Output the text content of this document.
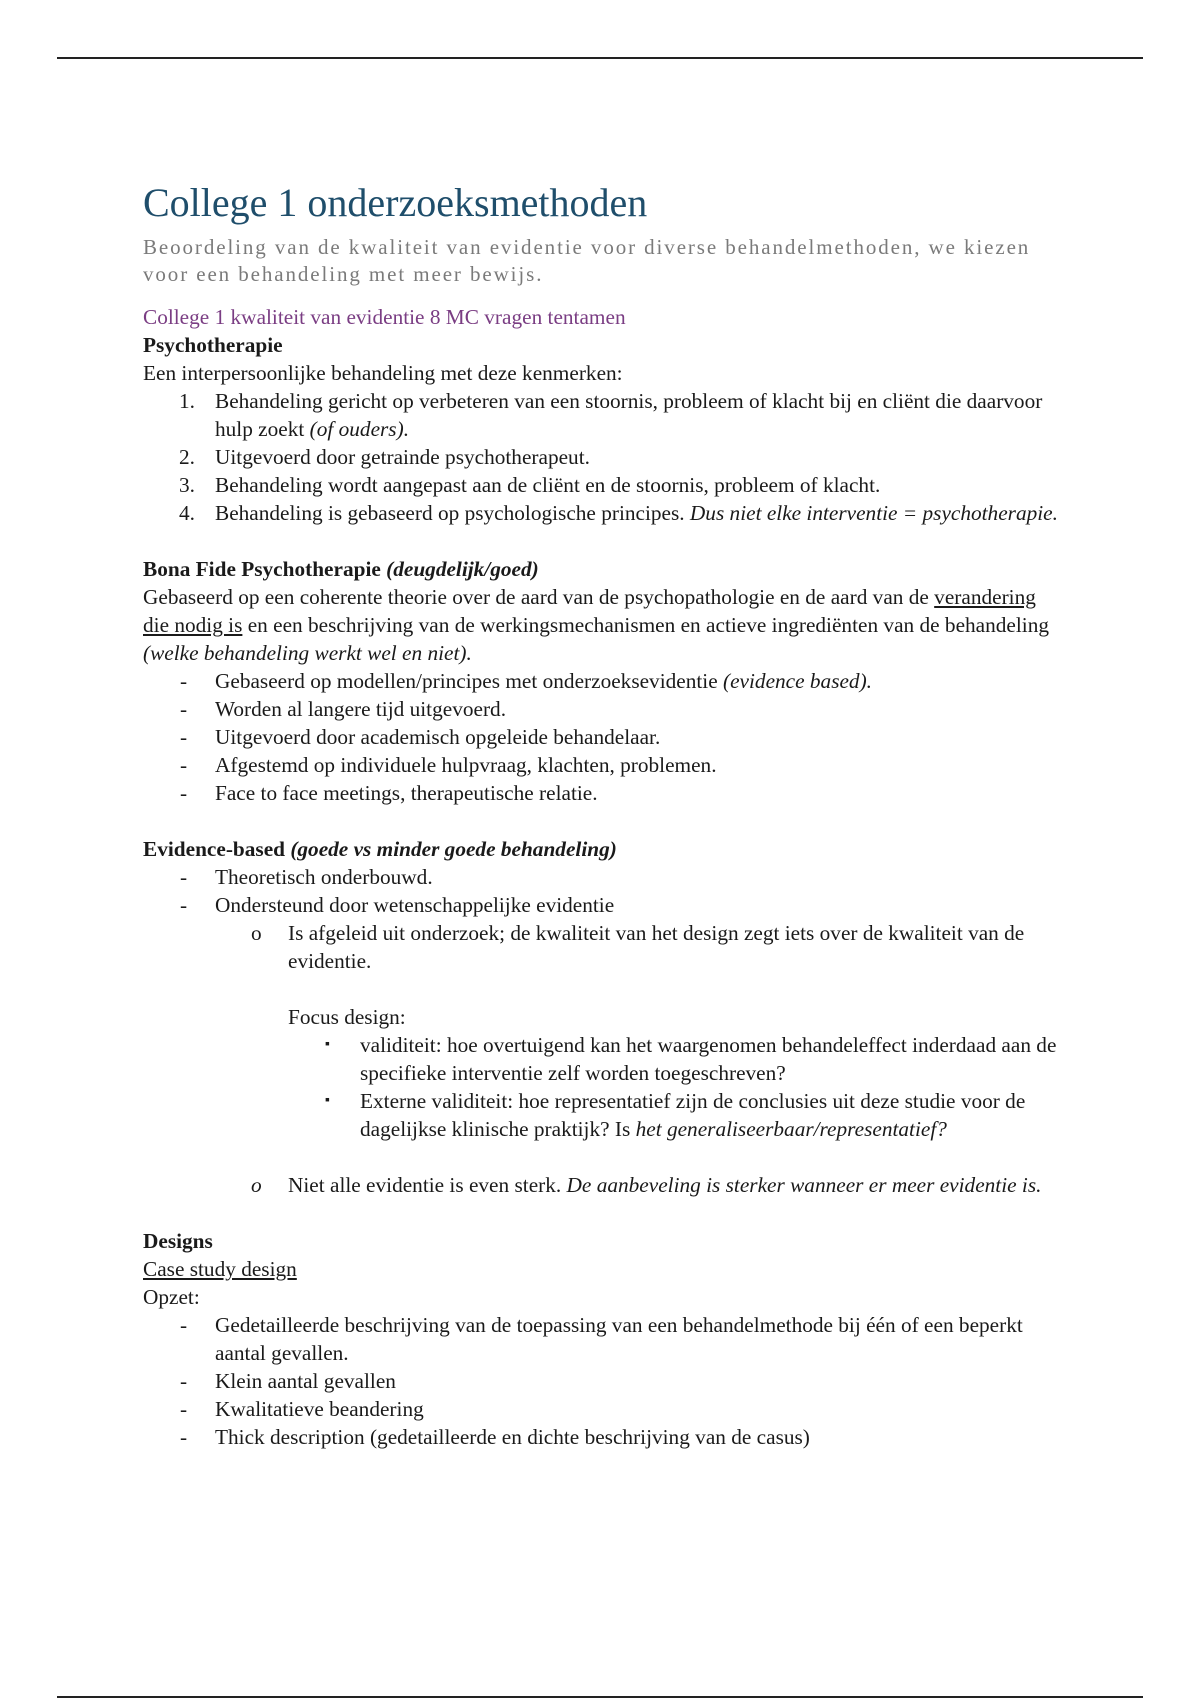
College 1 onderzoeksmethoden

Beoordeling van de kwaliteit van evidentie voor diverse behandelmethoden, we kiezen voor een behandeling met meer bewijs.

College 1 kwaliteit van evidentie 8 MC vragen tentamen

Psychotherapie

Een interpersoonlijke behandeling met deze kenmerken:

1. Behandeling gericht op verbeteren van een stoornis, probleem of klacht bij en cliënt die daarvoor hulp zoekt (of ouders).
2. Uitgevoerd door getrainde psychotherapeut.
3. Behandeling wordt aangepast aan de cliënt en de stoornis, probleem of klacht.
4. Behandeling is gebaseerd op psychologische principes. Dus niet elke interventie = psychotherapie.

Bona Fide Psychotherapie (deugdelijk/goed)

Gebaseerd op een coherente theorie over de aard van de psychopathologie en de aard van de verandering die nodig is en een beschrijving van de werkingsmechanismen en actieve ingrediënten van de behandeling (welke behandeling werkt wel en niet).

-	Gebaseerd op modellen/principes met onderzoeksevidentie (evidence based).
-	Worden al langere tijd uitgevoerd.
-	Uitgevoerd door academisch opgeleide behandelaar.
-	Afgestemd op individuele hulpvraag, klachten, problemen.
-	Face to face meetings, therapeutische relatie.

Evidence-based (goede vs minder goede behandeling)

-	Theoretisch onderbouwd.
-	Ondersteund door wetenschappelijke evidentie
o	Is afgeleid uit onderzoek; de kwaliteit van het design zegt iets over de kwaliteit van de evidentie.

Focus design:

▪	validiteit: hoe overtuigend kan het waargenomen behandeleffect inderdaad aan de specifieke interventie zelf worden toegeschreven?
▪	Externe validiteit: hoe representatief zijn de conclusies uit deze studie voor de dagelijkse klinische praktijk? Is het generaliseerbaar/representatief?
o	Niet alle evidentie is even sterk. De aanbeveling is sterker wanneer er meer evidentie is.

Designs

Case study design

Opzet:

-	Gedetailleerde beschrijving van de toepassing van een behandelmethode bij één of een beperkt aantal gevallen.
-	Klein aantal gevallen
-	Kwalitatieve beandering
-	Thick description (gedetailleerde en dichte beschrijving van de casus)
